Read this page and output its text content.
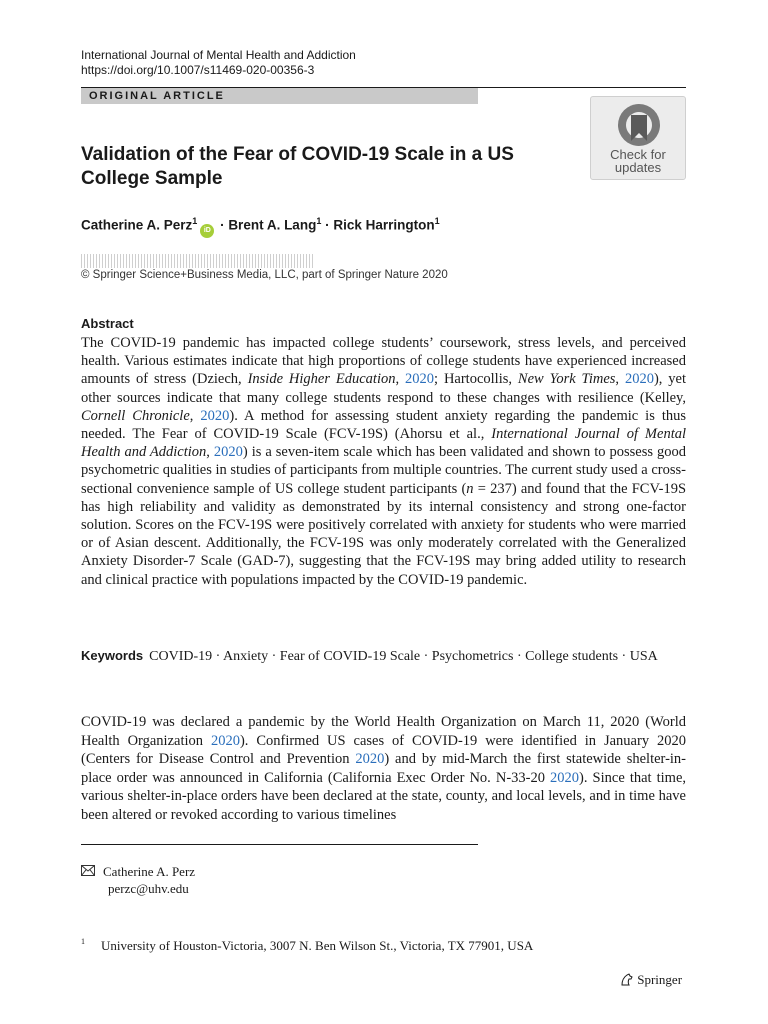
International Journal of Mental Health and Addiction
https://doi.org/10.1007/s11469-020-00356-3
ORIGINAL ARTICLE
Check for updates
Validation of the Fear of COVID-19 Scale in a US College Sample
Catherine A. Perz$^1$iD · Brent A. Lang$^1$ · Rick Harrington$^1$
© Springer Science+Business Media, LLC, part of Springer Nature 2020
Abstract
The COVID-19 pandemic has impacted college students’ coursework, stress levels, and perceived health. Various estimates indicate that high proportions of college students have experienced increased amounts of stress (Dziech, Inside Higher Education, 2020; Hartocollis, New York Times, 2020), yet other sources indicate that many college students respond to these changes with resilience (Kelley, Cornell Chronicle, 2020). A method for assessing student anxiety regarding the pandemic is thus needed. The Fear of COVID-19 Scale (FCV-19S) (Ahorsu et al., International Journal of Mental Health and Addiction, 2020) is a seven-item scale which has been validated and shown to possess good psychometric qualities in studies of participants from multiple countries. The current study used a cross-sectional convenience sample of US college student participants (n = 237) and found that the FCV-19S has high reliability and validity as demonstrated by its internal consistency and strong one-factor solution. Scores on the FCV-19S were positively correlated with anxiety for students who were married or of Asian descent. Additionally, the FCV-19S was only moderately correlated with the Generalized Anxiety Disorder-7 Scale (GAD-7), suggesting that the FCV-19S may bring added utility to research and clinical practice with populations impacted by the COVID-19 pandemic.
Keywords COVID-19 · Anxiety · Fear of COVID-19 Scale · Psychometrics · College students · USA
COVID-19 was declared a pandemic by the World Health Organization on March 11, 2020 (World Health Organization 2020). Confirmed US cases of COVID-19 were identified in January 2020 (Centers for Disease Control and Prevention 2020) and by mid-March the first statewide shelter-in-place order was announced in California (California Exec Order No. N-33-20 2020). Since that time, various shelter-in-place orders have been declared at the state, county, and local levels, and in time have been altered or revoked according to various timelines
Catherine A. Perz
perzc@uhv.edu
$^1$ University of Houston-Victoria, 3007 N. Ben Wilson St., Victoria, TX 77901, USA
Springer
